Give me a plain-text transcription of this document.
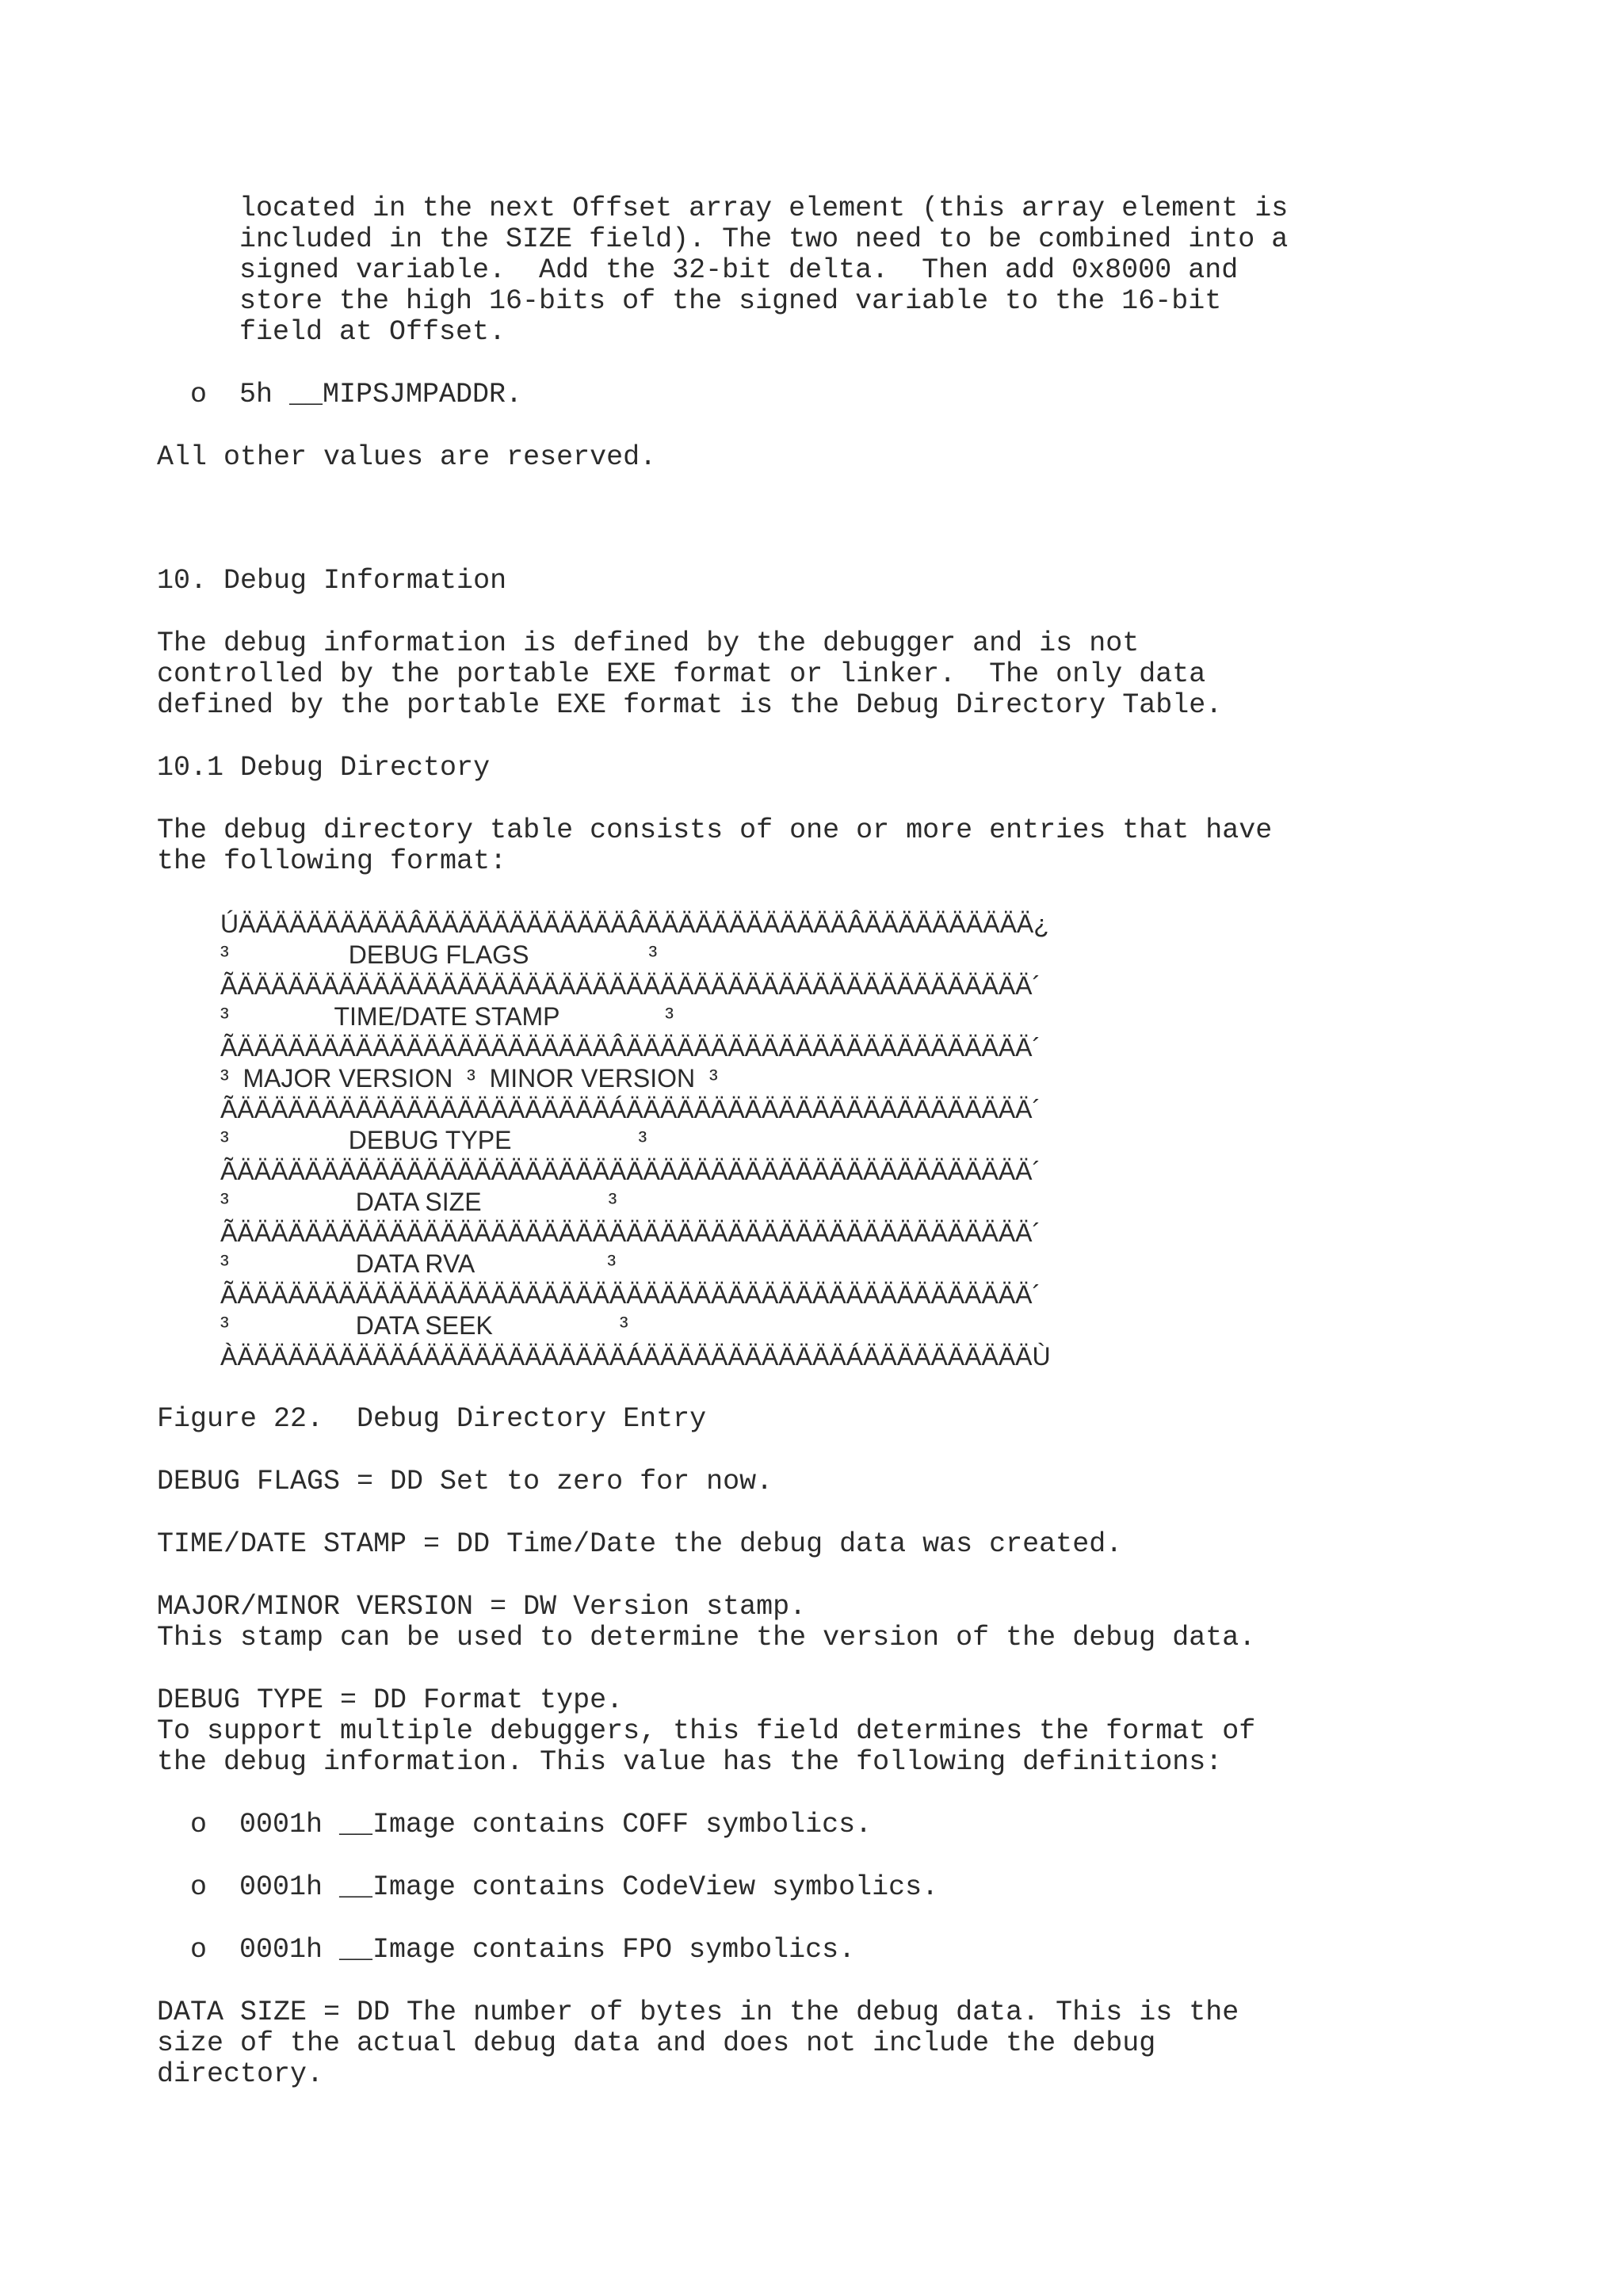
located in the next Offset array element (this array element is

included in the SIZE field). The two need to be combined into a

signed variable.  Add the 32-bit delta.  Then add 0x8000 and

store the high 16-bits of the signed variable to the 16-bit

field at Offset.

o 5h __MIPSJMPADDR.

All other values are reserved.

10. Debug Information

The debug information is defined by the debugger and is not

controlled by the portable EXE format or linker.  The only data

defined by the portable EXE format is the Debug Directory Table.

10.1 Debug Directory

The debug directory table consists of one or more entries that have

the following format:

ÚÄÄÄÄÄÄÄÄÄÄÂÄÄÄÄÄÄÄÄÄÄÄÄÂÄÄÄÄÄÄÄÄÄÄÄÄÂÄÄÄÄÄÄÄÄÄÄ¿

³                 DEBUG FLAGS                 ³

ÃÄÄÄÄÄÄÄÄÄÄÄÄÄÄÄÄÄÄÄÄÄÄÄÄÄÄÄÄÄÄÄÄÄÄÄÄÄÄÄÄÄÄÄÄÄÄÄ´

³               TIME/DATE STAMP               ³

ÃÄÄÄÄÄÄÄÄÄÄÄÄÄÄÄÄÄÄÄÄÄÄÂÄÄÄÄÄÄÄÄÄÄÄÄÄÄÄÄÄÄÄÄÄÄÄÄ´

³  MAJOR VERSION  ³  MINOR VERSION  ³

ÃÄÄÄÄÄÄÄÄÄÄÄÄÄÄÄÄÄÄÄÄÄÄÁÄÄÄÄÄÄÄÄÄÄÄÄÄÄÄÄÄÄÄÄÄÄÄÄ´

³                 DEBUG TYPE                  ³

ÃÄÄÄÄÄÄÄÄÄÄÄÄÄÄÄÄÄÄÄÄÄÄÄÄÄÄÄÄÄÄÄÄÄÄÄÄÄÄÄÄÄÄÄÄÄÄÄ´

³                  DATA SIZE                  ³

ÃÄÄÄÄÄÄÄÄÄÄÄÄÄÄÄÄÄÄÄÄÄÄÄÄÄÄÄÄÄÄÄÄÄÄÄÄÄÄÄÄÄÄÄÄÄÄÄ´

³                  DATA RVA                   ³

ÃÄÄÄÄÄÄÄÄÄÄÄÄÄÄÄÄÄÄÄÄÄÄÄÄÄÄÄÄÄÄÄÄÄÄÄÄÄÄÄÄÄÄÄÄÄÄÄ´

³                  DATA SEEK                  ³

ÀÄÄÄÄÄÄÄÄÄÄÁÄÄÄÄÄÄÄÄÄÄÄÄÁÄÄÄÄÄÄÄÄÄÄÄÄÁÄÄÄÄÄÄÄÄÄÄÙ

Figure 22.  Debug Directory Entry

DEBUG FLAGS = DD Set to zero for now.

TIME/DATE STAMP = DD Time/Date the debug data was created.

MAJOR/MINOR VERSION = DW Version stamp.

This stamp can be used to determine the version of the debug data.

DEBUG TYPE = DD Format type.

To support multiple debuggers, this field determines the format of

the debug information. This value has the following definitions:

o 0001h __Image contains COFF symbolics.

o 0001h __Image contains CodeView symbolics.

o 0001h __Image contains FPO symbolics.

DATA SIZE = DD The number of bytes in the debug data. This is the

size of the actual debug data and does not include the debug

directory.
